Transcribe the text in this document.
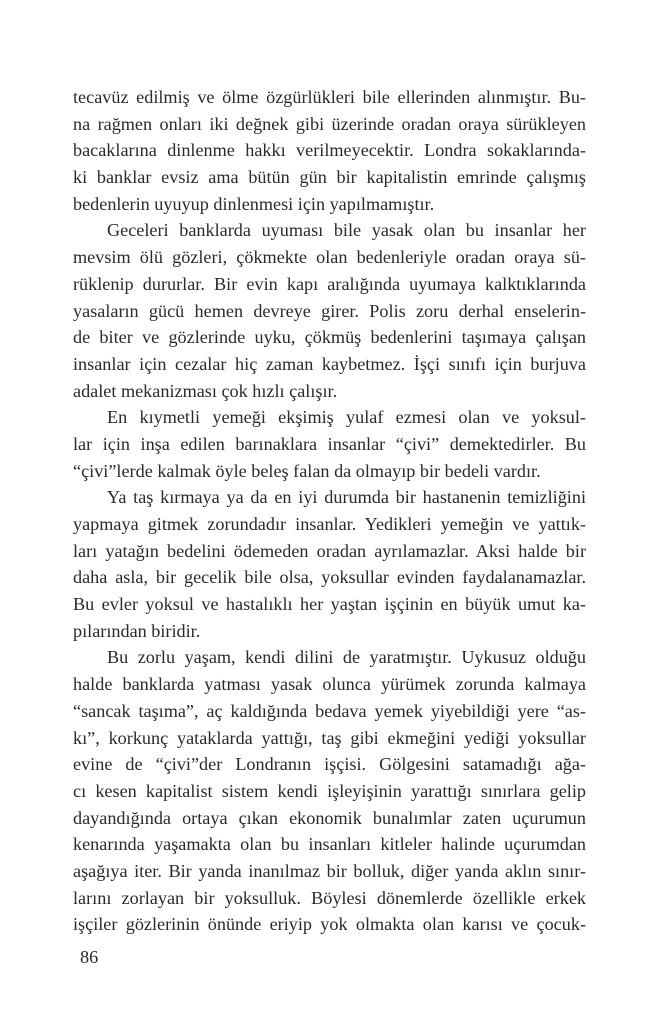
tecavüz edilmiş ve ölme özgürlükleri bile ellerinden alınmıştır. Bu-
na rağmen onları iki değnek gibi üzerinde oradan oraya sürükleyen
bacaklarına dinlenme hakkı verilmeyecektir. Londra sokaklarında-
ki banklar evsiz ama bütün gün bir kapitalistin emrinde çalışmış
bedenlerin uyuyup dinlenmesi için yapılmamıştır.
Geceleri banklarda uyuması bile yasak olan bu insanlar her
mevsim ölü gözleri, çökmekte olan bedenleriyle oradan oraya sü-
rüklenip dururlar. Bir evin kapı aralığında uyumaya kalktıklarında
yasaların gücü hemen devreye girer. Polis zoru derhal enselerin-
de biter ve gözlerinde uyku, çökmüş bedenlerini taşımaya çalışan
insanlar için cezalar hiç zaman kaybetmez. İşçi sınıfı için burjuva
adalet mekanizması çok hızlı çalışır.
En kıymetli yemeği ekşimiş yulaf ezmesi olan ve yoksul-
lar için inşa edilen barınaklara insanlar “çivi” demektedirler. Bu
“çivi”lerde kalmak öyle beleş falan da olmayıp bir bedeli vardır.
Ya taş kırmaya ya da en iyi durumda bir hastanenin temizliğini
yapmaya gitmek zorundadır insanlar. Yedikleri yemeğin ve yattık-
ları yatağın bedelini ödemeden oradan ayrılamazlar. Aksi halde bir
daha asla, bir gecelik bile olsa, yoksullar evinden faydalanamazlar.
Bu evler yoksul ve hastalıklı her yaştan işçinin en büyük umut ka-
pılarından biridir.
Bu zorlu yaşam, kendi dilini de yaratmıştır. Uykusuz olduğu
halde banklarda yatması yasak olunca yürümek zorunda kalmaya
“sancak taşıma”, aç kaldığında bedava yemek yiyebildiği yere “as-
kı”, korkunç yataklarda yattığı, taş gibi ekmeğini yediği yoksullar
evine de “çivi”der Londranın işçisi. Gölgesini satamadığı ağa-
cı kesen kapitalist sistem kendi işleyişinin yarattığı sınırlara gelip
dayandığında ortaya çıkan ekonomik bunalımlar zaten uçurumun
kenarında yaşamakta olan bu insanları kitleler halinde uçurumdan
aşağıya iter. Bir yanda inanılmaz bir bolluk, diğer yanda aklın sınır-
larını zorlayan bir yoksulluk. Böylesi dönemlerde özellikle erkek
işçiler gözlerinin önünde eriyip yok olmakta olan karısı ve çocuk-
86
